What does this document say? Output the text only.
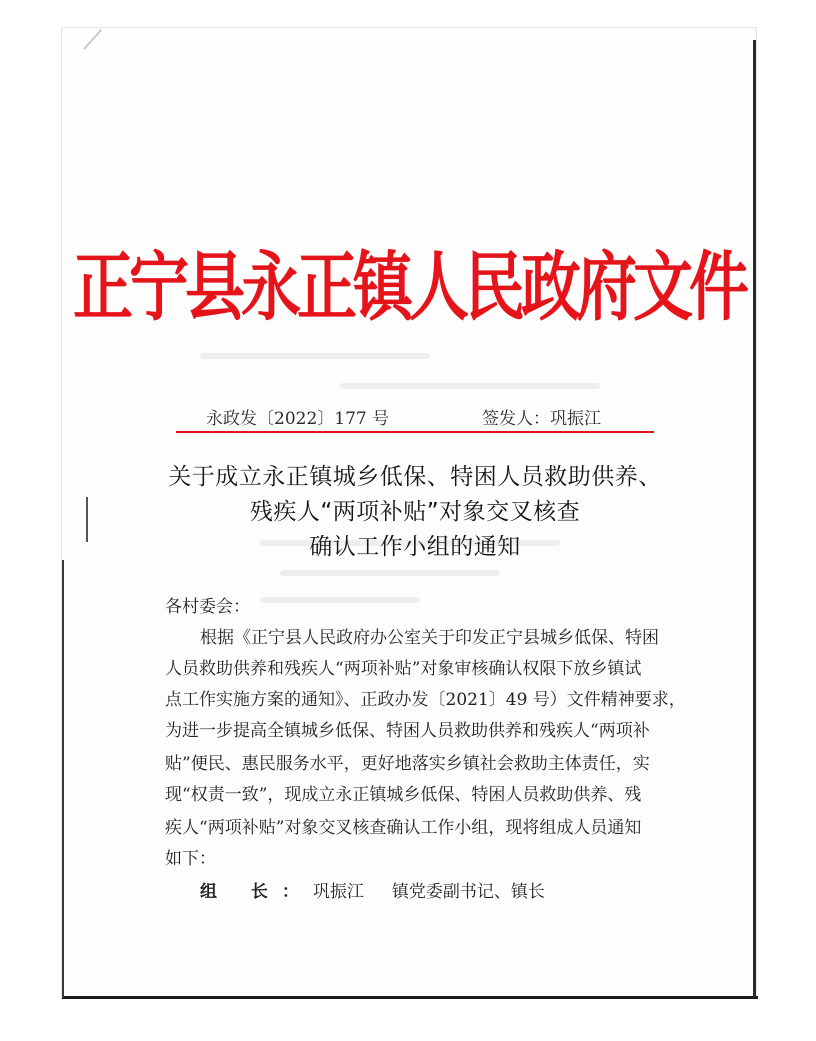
正宁县永正镇人民政府文件
永政发〔2022〕177 号	签发人：巩振江
关于成立永正镇城乡低保、特困人员救助供养、
残疾人“两项补贴”对象交叉核查
确认工作小组的通知
各村委会：
根据《正宁县人民政府办公室关于印发正宁县城乡低保、特困
人员救助供养和残疾人“两项补贴”对象审核确认权限下放乡镇试
点工作实施方案的通知》、正政办发〔2021〕49 号）文件精神要求，
为进一步提高全镇城乡低保、特困人员救助供养和残疾人“两项补
贴”便民、惠民服务水平，更好地落实乡镇社会救助主体责任，实
现“权责一致”，现成立永正镇城乡低保、特困人员救助供养、残
疾人“两项补贴”对象交叉核查确认工作小组，现将组成人员通知
如下：
组 长：巩振江 镇党委副书记、镇长
